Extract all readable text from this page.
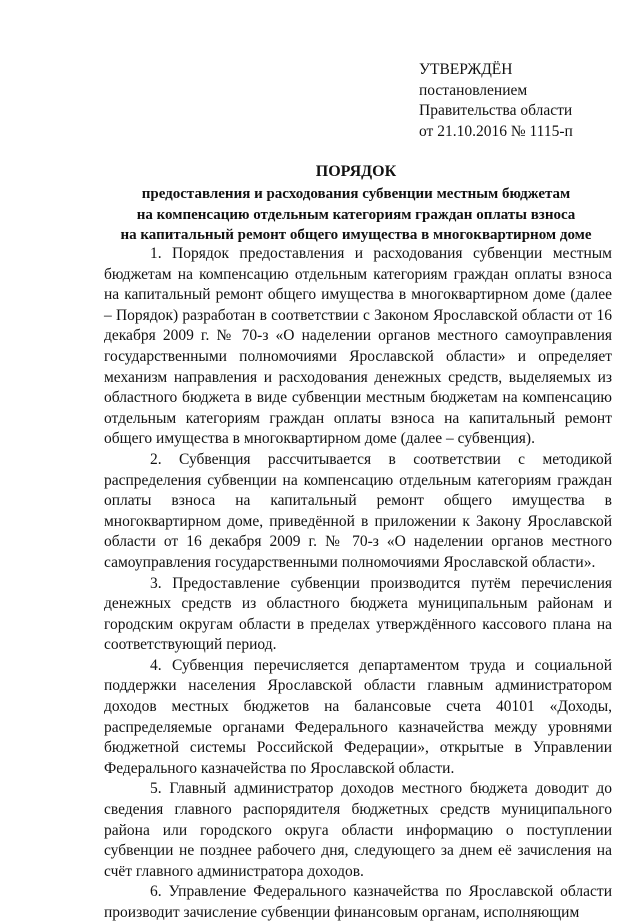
УТВЕРЖДЁН
постановлением
Правительства области
от 21.10.2016 № 1115-п
ПОРЯДОК
предоставления и расходования субвенции местным бюджетам
на компенсацию отдельным категориям граждан оплаты взноса
на капитальный ремонт общего имущества в многоквартирном доме

1. Порядок предоставления и расходования субвенции местным бюджетам на компенсацию отдельным категориям граждан оплаты взноса на капитальный ремонт общего имущества в многоквартирном доме (далее – Порядок) разработан в соответствии с Законом Ярославской области от 16 декабря 2009 г. № 70-з «О наделении органов местного самоуправления государственными полномочиями Ярославской области» и определяет механизм направления и расходования денежных средств, выделяемых из областного бюджета в виде субвенции местным бюджетам на компенсацию отдельным категориям граждан оплаты взноса на капитальный ремонт общего имущества в многоквартирном доме (далее – субвенция).

2. Субвенция рассчитывается в соответствии с методикой распределения субвенции на компенсацию отдельным категориям граждан оплаты взноса на капитальный ремонт общего имущества в многоквартирном доме, приведённой в приложении к Закону Ярославской области от 16 декабря 2009 г. № 70-з «О наделении органов местного самоуправления государственными полномочиями Ярославской области».

3. Предоставление субвенции производится путём перечисления денежных средств из областного бюджета муниципальным районам и городским округам области в пределах утверждённого кассового плана на соответствующий период.

4. Субвенция перечисляется департаментом труда и социальной поддержки населения Ярославской области главным администратором доходов местных бюджетов на балансовые счета 40101 «Доходы, распределяемые органами Федерального казначейства между уровнями бюджетной системы Российской Федерации», открытые в Управлении Федерального казначейства по Ярославской области.

5. Главный администратор доходов местного бюджета доводит до сведения главного распорядителя бюджетных средств муниципального района или городского округа области информацию о поступлении субвенции не позднее рабочего дня, следующего за днем её зачисления на счёт главного администратора доходов.

6. Управление Федерального казначейства по Ярославской области производит зачисление субвенции финансовым органам, исполняющим
